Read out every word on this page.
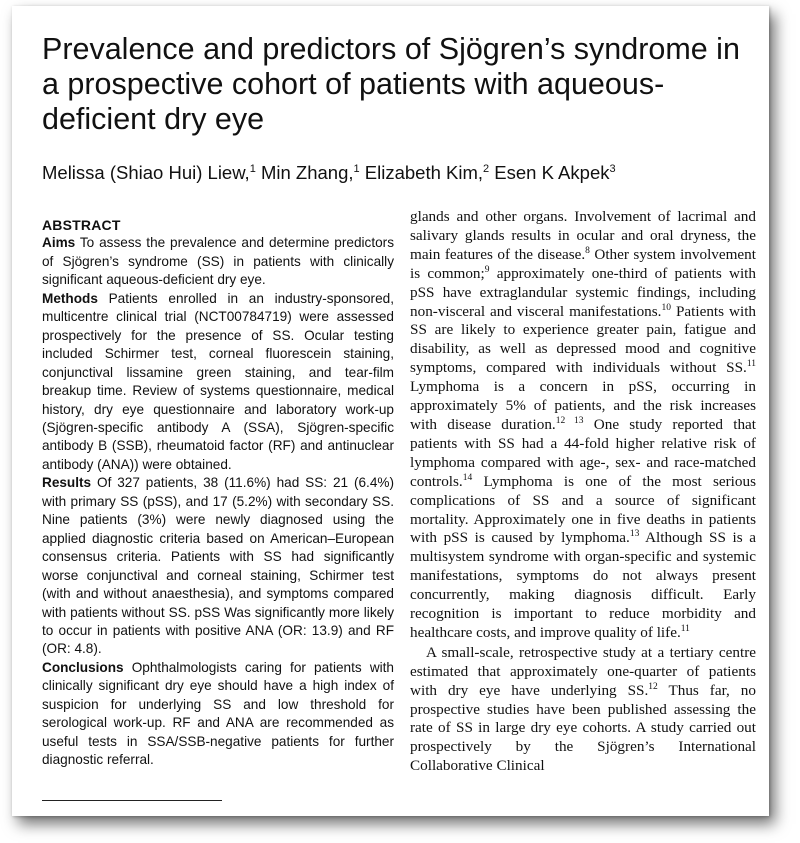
Prevalence and predictors of Sjögren’s syndrome in a prospective cohort of patients with aqueous-deficient dry eye
Melissa (Shiao Hui) Liew,$^1$ Min Zhang,$^1$ Elizabeth Kim,$^2$ Esen K Akpek$^3$
ABSTRACT

Aims To assess the prevalence and determine predictors of Sjögren’s syndrome (SS) in patients with clinically significant aqueous-deficient dry eye.

Methods Patients enrolled in an industry-sponsored, multicentre clinical trial (NCT00784719) were assessed prospectively for the presence of SS. Ocular testing included Schirmer test, corneal fluorescein staining, conjunctival lissamine green staining, and tear-film breakup time. Review of systems questionnaire, medical history, dry eye questionnaire and laboratory work-up (Sjögren-specific antibody A (SSA), Sjögren-specific antibody B (SSB), rheumatoid factor (RF) and antinuclear antibody (ANA)) were obtained.

Results Of 327 patients, 38 (11.6%) had SS: 21 (6.4%) with primary SS (pSS), and 17 (5.2%) with secondary SS. Nine patients (3%) were newly diagnosed using the applied diagnostic criteria based on American–European consensus criteria. Patients with SS had significantly worse conjunctival and corneal staining, Schirmer test (with and without anaesthesia), and symptoms compared with patients without SS. pSS Was significantly more likely to occur in patients with positive ANA (OR: 13.9) and RF (OR: 4.8).

Conclusions Ophthalmologists caring for patients with clinically significant dry eye should have a high index of suspicion for underlying SS and low threshold for serological work-up. RF and ANA are recommended as useful tests in SSA/SSB-negative patients for further diagnostic referral.

glands and other organs. Involvement of lacrimal and salivary glands results in ocular and oral dryness, the main features of the disease.$^8$ Other system involvement is common;$^9$ approximately one-third of patients with pSS have extraglandular systemic findings, including non-visceral and visceral manifestations.$^{10}$ Patients with SS are likely to experience greater pain, fatigue and disability, as well as depressed mood and cognitive symptoms, compared with individuals without SS.$^{11}$ Lymphoma is a concern in pSS, occurring in approximately 5% of patients, and the risk increases with disease duration.$^{12 13}$ One study reported that patients with SS had a 44-fold higher relative risk of lymphoma compared with age-, sex- and race-matched controls.$^{14}$ Lymphoma is one of the most serious complications of SS and a source of significant mortality. Approximately one in five deaths in patients with pSS is caused by lymphoma.$^{13}$ Although SS is a multisystem syndrome with organ-specific and systemic manifestations, symptoms do not always present concurrently, making diagnosis difficult. Early recognition is important to reduce morbidity and healthcare costs, and improve quality of life.$^{11}$

A small-scale, retrospective study at a tertiary centre estimated that approximately one-quarter of patients with dry eye have underlying SS.$^{12}$ Thus far, no prospective studies have been published assessing the rate of SS in large dry eye cohorts. A study carried out prospectively by the Sjögren’s International Collaborative Clinical
